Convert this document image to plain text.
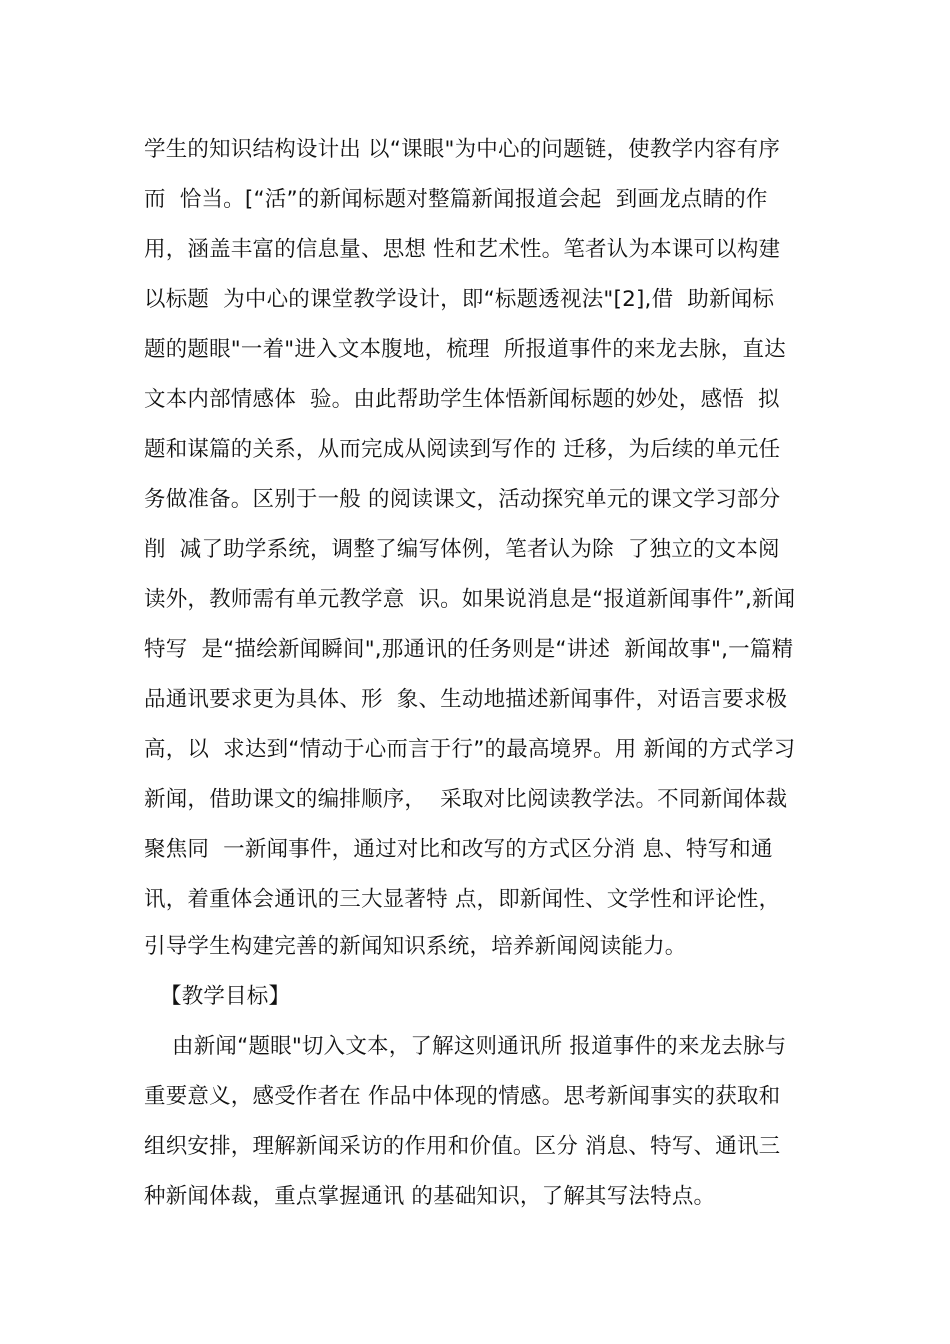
学生的知识结构设计出 以“课眼"为中心的问题链，使教学内容有序
而  恰当。[“活”的新闻标题对整篇新闻报道会起  到画龙点睛的作
用，涵盖丰富的信息量、思想 性和艺术性。笔者认为本课可以构建
以标题  为中心的课堂教学设计，即“标题透视法"[2],借  助新闻标
题的题眼"一着"进入文本腹地，梳理  所报道事件的来龙去脉，直达
文本内部情感体  验。由此帮助学生体悟新闻标题的妙处，感悟  拟
题和谋篇的关系，从而完成从阅读到写作的 迁移，为后续的单元任
务做准备。区别于一般 的阅读课文，活动探究单元的课文学习部分
削  减了助学系统，调整了编写体例，笔者认为除  了独立的文本阅
读外，教师需有单元教学意  识。如果说消息是“报道新闻事件”,新闻
特写  是“描绘新闻瞬间",那通讯的任务则是“讲述  新闻故事",一篇精
品通讯要求更为具体、形  象、生动地描述新闻事件，对语言要求极
高，以  求达到“情动于心而言于行”的最高境界。用 新闻的方式学习
新闻，借助课文的编排顺序，  采取对比阅读教学法。不同新闻体裁
聚焦同  一新闻事件，通过对比和改写的方式区分消 息、特写和通
讯，着重体会通讯的三大显著特 点，即新闻性、文学性和评论性，
引导学生构建完善的新闻知识系统，培养新闻阅读能力。
【教学目标】
由新闻“题眼"切入文本，了解这则通讯所 报道事件的来龙去脉与
重要意义，感受作者在 作品中体现的情感。思考新闻事实的获取和
组织安排，理解新闻采访的作用和价值。区分 消息、特写、通讯三
种新闻体裁，重点掌握通讯 的基础知识，了解其写法特点。
